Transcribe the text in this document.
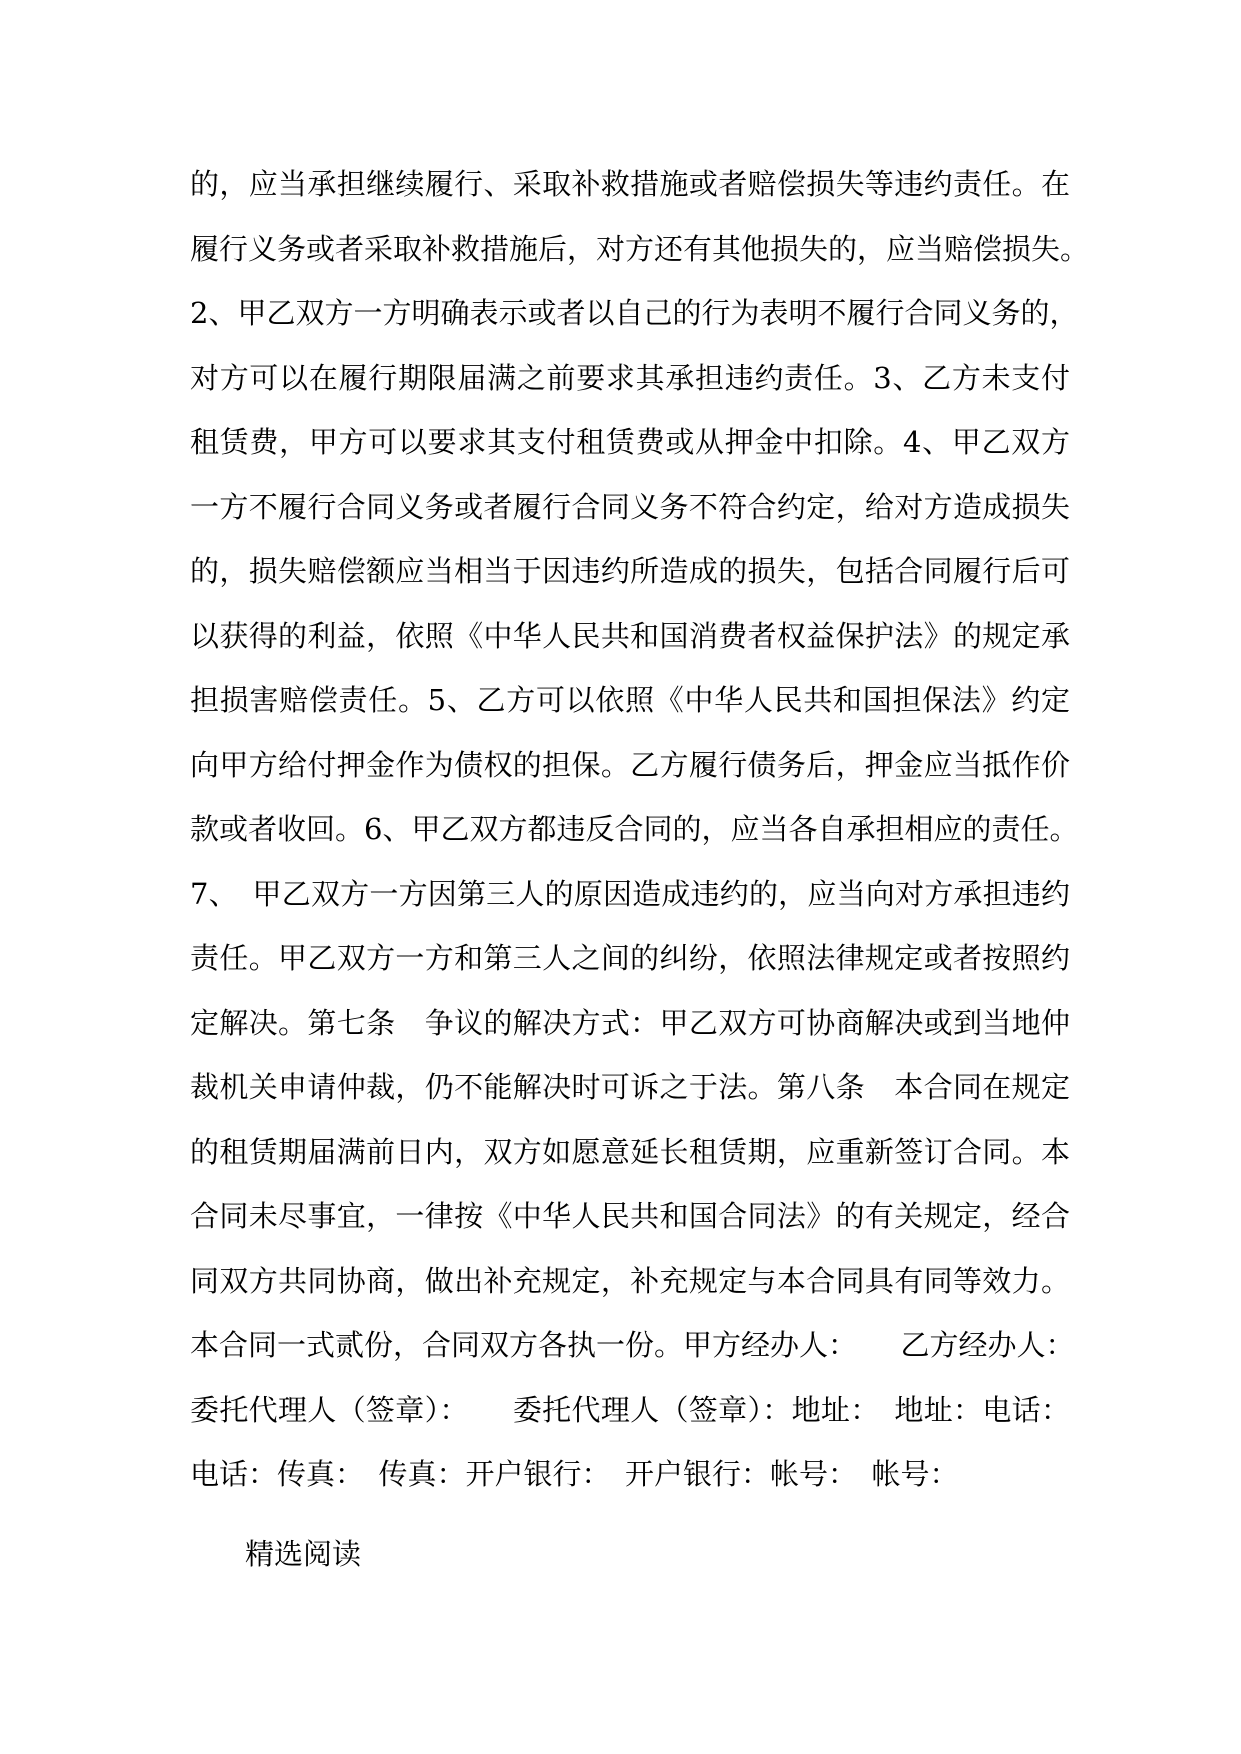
的，应当承担继续履行、采取补救措施或者赔偿损失等违约责任。在
履行义务或者采取补救措施后，对方还有其他损失的，应当赔偿损失。
2、甲乙双方一方明确表示或者以自己的行为表明不履行合同义务的，
对方可以在履行期限届满之前要求其承担违约责任。3、乙方未支付
租赁费，甲方可以要求其支付租赁费或从押金中扣除。4、甲乙双方
一方不履行合同义务或者履行合同义务不符合约定，给对方造成损失
的，损失赔偿额应当相当于因违约所造成的损失，包括合同履行后可
以获得的利益，依照《中华人民共和国消费者权益保护法》的规定承
担损害赔偿责任。5、乙方可以依照《中华人民共和国担保法》约定
向甲方给付押金作为债权的担保。乙方履行债务后，押金应当抵作价
款或者收回。6、甲乙双方都违反合同的，应当各自承担相应的责任。
7、　甲乙双方一方因第三人的原因造成违约的，应当向对方承担违约
责任。甲乙双方一方和第三人之间的纠纷，依照法律规定或者按照约
定解决。第七条　争议的解决方式：甲乙双方可协商解决或到当地仲
裁机关申请仲裁，仍不能解决时可诉之于法。第八条　本合同在规定
的租赁期届满前日内，双方如愿意延长租赁期，应重新签订合同。本
合同未尽事宜，一律按《中华人民共和国合同法》的有关规定，经合
同双方共同协商，做出补充规定，补充规定与本合同具有同等效力。
本合同一式贰份，合同双方各执一份。甲方经办人：　　乙方经办人：
委托代理人（签章）：　　委托代理人（签章）：地址：　地址：电话：
电话：传真：　传真：开户银行：　开户银行：帐号：　帐号：
精选阅读
